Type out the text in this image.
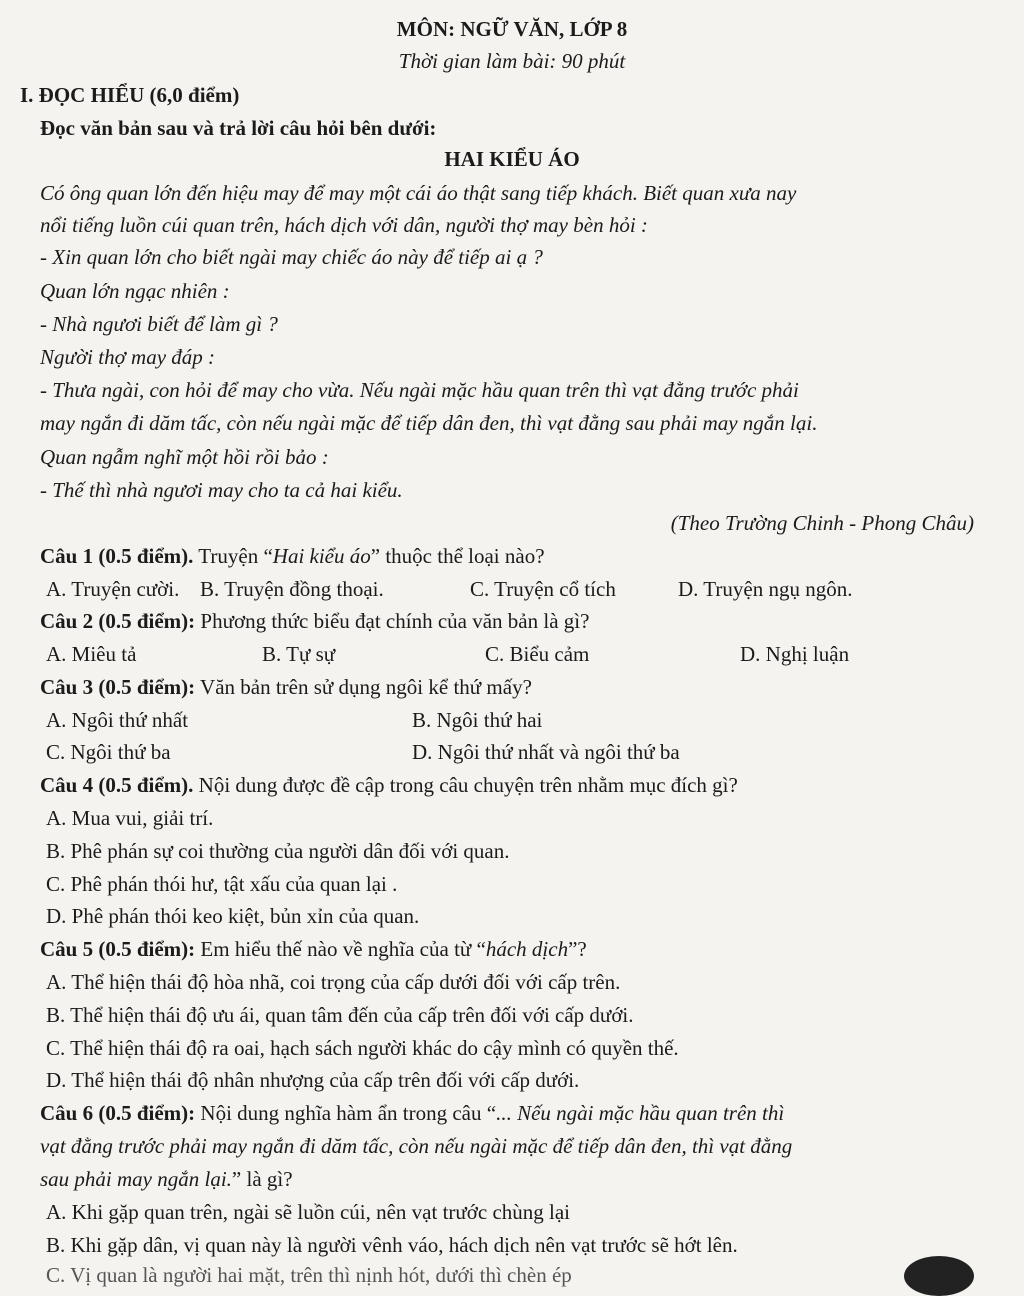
MÔN: NGỮ VĂN, LỚP 8
Thời gian làm bài: 90 phút
I. ĐỌC HIỂU (6,0 điểm)
Đọc văn bản sau và trả lời câu hỏi bên dưới:
HAI KIỂU ÁO
Có ông quan lớn đến hiệu may để may một cái áo thật sang tiếp khách. Biết quan xưa nay
nổi tiếng luồn cúi quan trên, hách dịch với dân, người thợ may bèn hỏi :
- Xin quan lớn cho biết ngài may chiếc áo này để tiếp ai ạ ?
Quan lớn ngạc nhiên :
- Nhà ngươi biết để làm gì ?
Người thợ may đáp :
- Thưa ngài, con hỏi để may cho vừa. Nếu ngài mặc hầu quan trên thì vạt đằng trước phải
may ngắn đi dăm tấc, còn nếu ngài mặc để tiếp dân đen, thì vạt đằng sau phải may ngắn lại.
Quan ngẫm nghĩ một hồi rồi bảo :
- Thế thì nhà ngươi may cho ta cả hai kiểu.
(Theo Trường Chinh - Phong Châu)
Câu 1 (0.5 điểm). Truyện “Hai kiểu áo” thuộc thể loại nào?
A. Truyện cười. B. Truyện đồng thoại.	C. Truyện cổ tích	D. Truyện ngụ ngôn.
Câu 2 (0.5 điểm): Phương thức biểu đạt chính của văn bản là gì?
A. Miêu tả	B. Tự sự	C. Biểu cảm	D. Nghị luận
Câu 3 (0.5 điểm): Văn bản trên sử dụng ngôi kể thứ mấy?
A. Ngôi thứ nhất	B. Ngôi thứ hai
C. Ngôi thứ ba	D. Ngôi thứ nhất và ngôi thứ ba
Câu 4 (0.5 điểm). Nội dung được đề cập trong câu chuyện trên nhằm mục đích gì?
A. Mua vui, giải trí.
B. Phê phán sự coi thường của người dân đối với quan.
C. Phê phán thói hư, tật xấu của quan lại .
D. Phê phán thói keo kiệt, bủn xỉn của quan.
Câu 5 (0.5 điểm): Em hiểu thế nào về nghĩa của từ “hách dịch”?
A. Thể hiện thái độ hòa nhã, coi trọng của cấp dưới đối với cấp trên.
B. Thể hiện thái độ ưu ái, quan tâm đến của cấp trên đối với cấp dưới.
C. Thể hiện thái độ ra oai, hạch sách người khác do cậy mình có quyền thế.
D. Thể hiện thái độ nhân nhượng của cấp trên đối với cấp dưới.
Câu 6 (0.5 điểm): Nội dung nghĩa hàm ẩn trong câu “... Nếu ngài mặc hầu quan trên thì
vạt đằng trước phải may ngắn đi dăm tấc, còn nếu ngài mặc để tiếp dân đen, thì vạt đằng
sau phải may ngắn lại.” là gì?
A. Khi gặp quan trên, ngài sẽ luồn cúi, nên vạt trước chùng lại
B. Khi gặp dân, vị quan này là người vênh váo, hách dịch nên vạt trước sẽ hớt lên.
C. Vị quan là người hai mặt, trên thì nịnh hót, dưới thì chèn ép
